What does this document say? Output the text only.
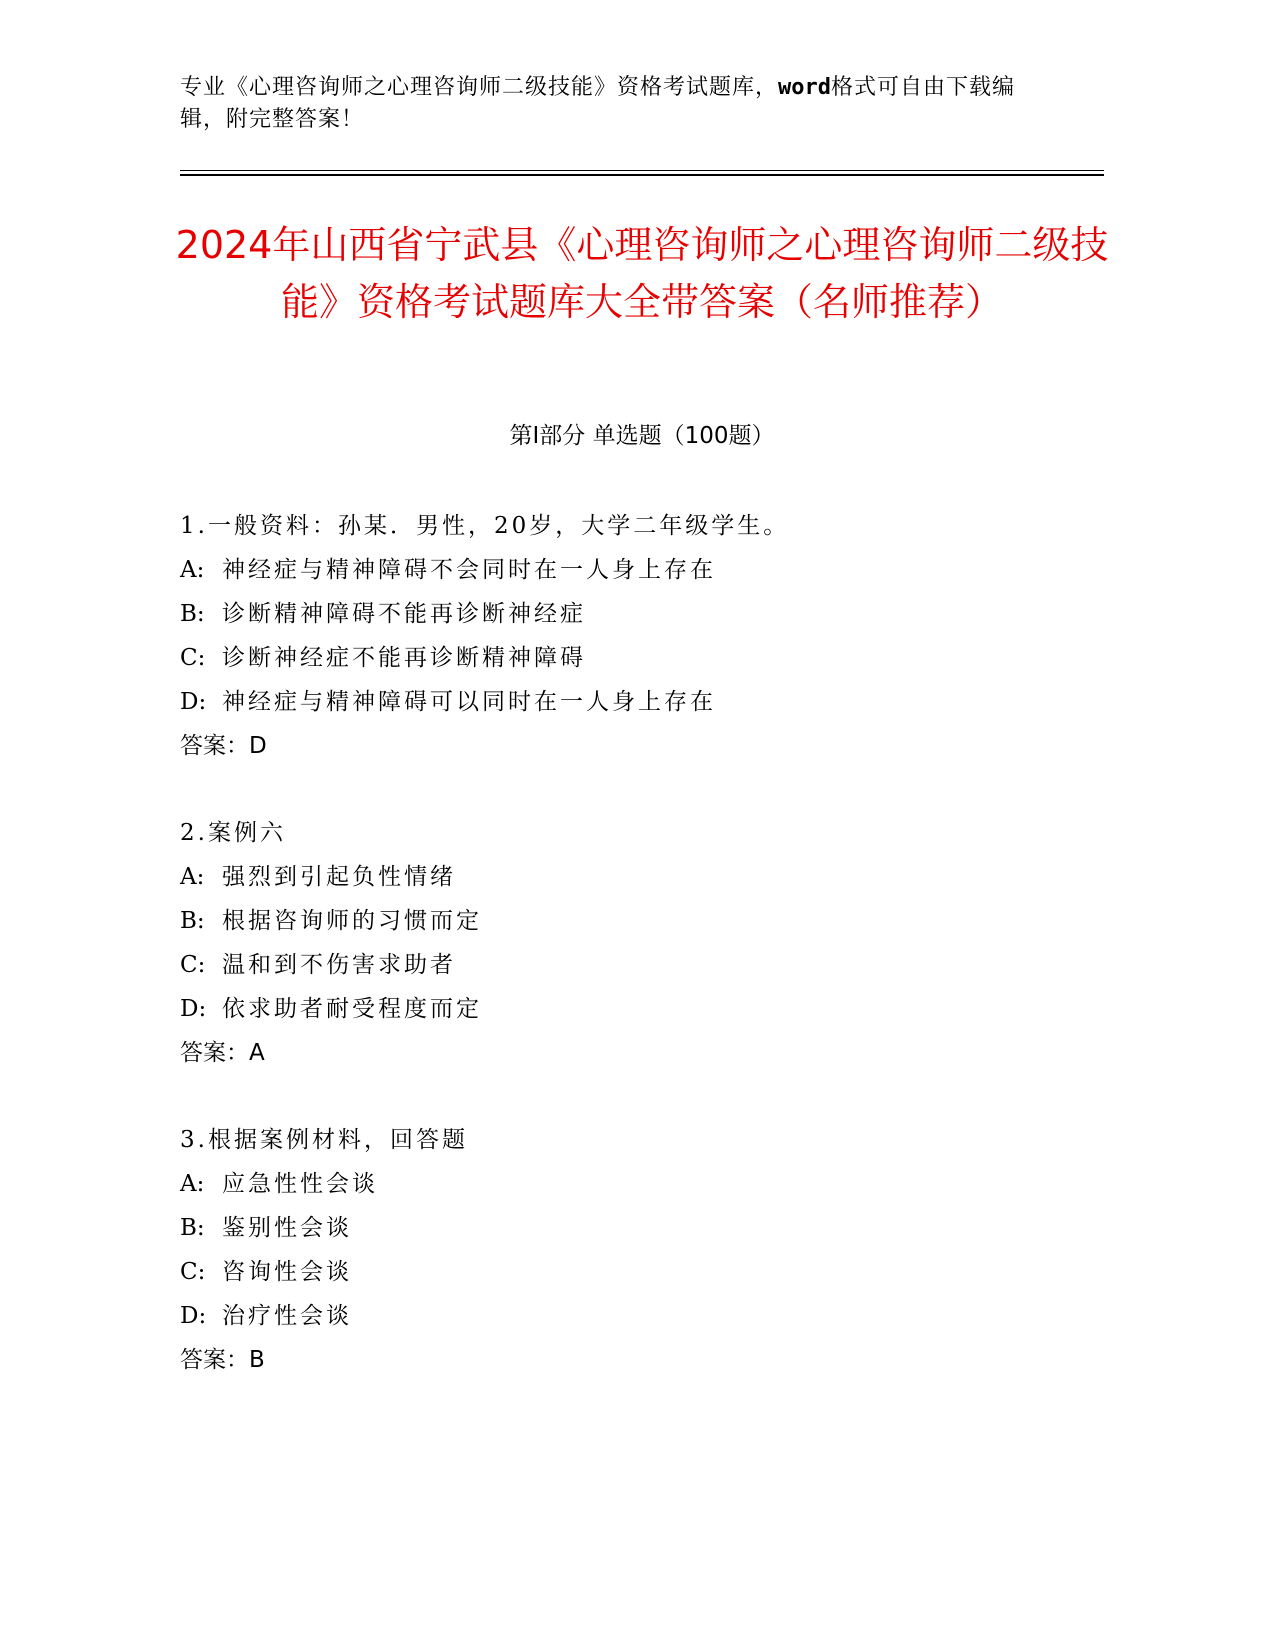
专业《心理咨询师之心理咨询师二级技能》资格考试题库，word格式可自由下载编辑，附完整答案！
2024年山西省宁武县《心理咨询师之心理咨询师二级技能》资格考试题库大全带答案（名师推荐）
第Ⅰ部分 单选题（100题）
1.一般资料：孙某．男性，20岁，大学二年级学生。
A: 神经症与精神障碍不会同时在一人身上存在
B: 诊断精神障碍不能再诊断神经症
C: 诊断神经症不能再诊断精神障碍
D: 神经症与精神障碍可以同时在一人身上存在
答案：D
2.案例六
A: 强烈到引起负性情绪
B: 根据咨询师的习惯而定
C: 温和到不伤害求助者
D: 依求助者耐受程度而定
答案：A
3.根据案例材料，回答题
A: 应急性性会谈
B: 鉴别性会谈
C: 咨询性会谈
D: 治疗性会谈
答案：B
